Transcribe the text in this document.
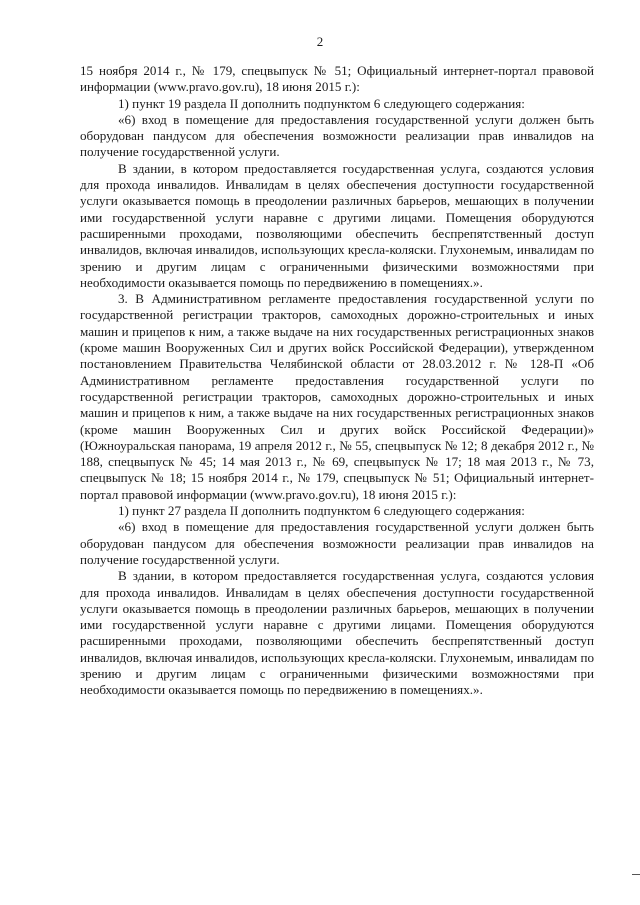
2

15 ноября 2014 г., № 179, спецвыпуск № 51; Официальный интернет-портал правовой информации (www.pravo.gov.ru), 18 июня 2015 г.):

1) пункт 19 раздела II дополнить подпунктом 6 следующего содержания:

«6) вход в помещение для предоставления государственной услуги должен быть оборудован пандусом для обеспечения возможности реализации прав инвалидов на получение государственной услуги.

В здании, в котором предоставляется государственная услуга, создаются условия для прохода инвалидов. Инвалидам в целях обеспечения доступности государственной услуги оказывается помощь в преодолении различных барьеров, мешающих в получении ими государственной услуги наравне с другими лицами. Помещения оборудуются расширенными проходами, позволяющими обеспечить беспрепятственный доступ инвалидов, включая инвалидов, использующих кресла-коляски. Глухонемым, инвалидам по зрению и другим лицам с ограниченными физическими возможностями при необходимости оказывается помощь по передвижению в помещениях.».

3. В Административном регламенте предоставления государственной услуги по государственной регистрации тракторов, самоходных дорожно-строительных и иных машин и прицепов к ним, а также выдаче на них государственных регистрационных знаков (кроме машин Вооруженных Сил и других войск Российской Федерации), утвержденном постановлением Правительства Челябинской области от 28.03.2012 г. № 128-П «Об Административном регламенте предоставления государственной услуги по государственной регистрации тракторов, самоходных дорожно-строительных и иных машин и прицепов к ним, а также выдаче на них государственных регистрационных знаков (кроме машин Вооруженных Сил и других войск Российской Федерации)» (Южноуральская панорама, 19 апреля 2012 г., № 55, спецвыпуск № 12; 8 декабря 2012 г., № 188, спецвыпуск № 45; 14 мая 2013 г., № 69, спецвыпуск № 17; 18 мая 2013 г., № 73, спецвыпуск № 18; 15 ноября 2014 г., № 179, спецвыпуск № 51; Официальный интернет-портал правовой информации (www.pravo.gov.ru), 18 июня 2015 г.):

1) пункт 27 раздела II дополнить подпунктом 6 следующего содержания:

«6) вход в помещение для предоставления государственной услуги должен быть оборудован пандусом для обеспечения возможности реализации прав инвалидов на получение государственной услуги.

В здании, в котором предоставляется государственная услуга, создаются условия для прохода инвалидов. Инвалидам в целях обеспечения доступности государственной услуги оказывается помощь в преодолении различных барьеров, мешающих в получении ими государственной услуги наравне с другими лицами. Помещения оборудуются расширенными проходами, позволяющими обеспечить беспрепятственный доступ инвалидов, включая инвалидов, использующих кресла-коляски. Глухонемым, инвалидам по зрению и другим лицам с ограниченными физическими возможностями при необходимости оказывается помощь по передвижению в помещениях.».
